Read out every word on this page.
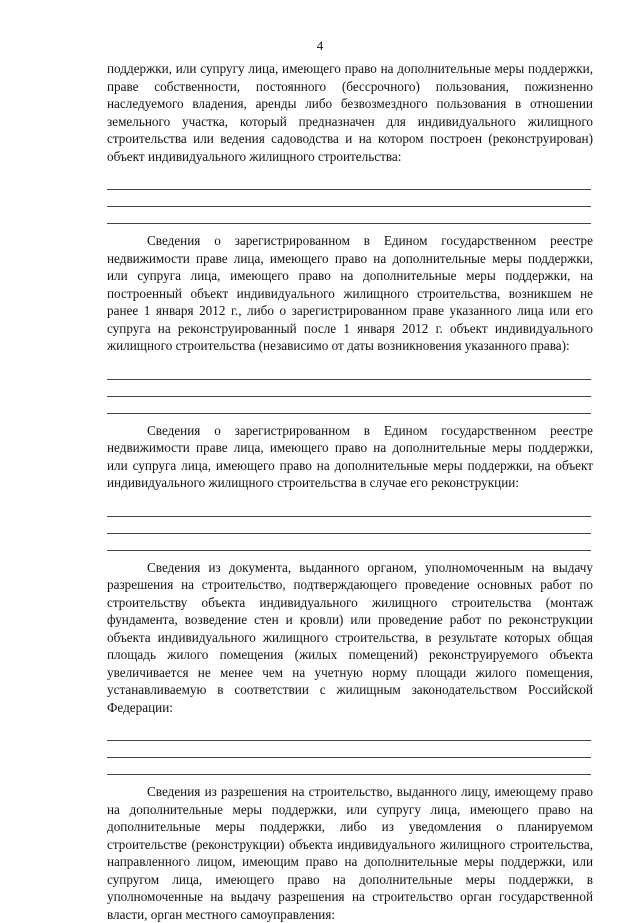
4

поддержки, или супругу лица, имеющего право на дополнительные меры поддержки, праве собственности, постоянного (бессрочного) пользования, пожизненно наследуемого владения, аренды либо безвозмездного пользования в отношении земельного участка, который предназначен для индивидуального жилищного строительства или ведения садоводства и на котором построен (реконструирован) объект индивидуального жилищного строительства:

Сведения о зарегистрированном в Едином государственном реестре недвижимости праве лица, имеющего право на дополнительные меры поддержки, или супруга лица, имеющего право на дополнительные меры поддержки, на построенный объект индивидуального жилищного строительства, возникшем не ранее 1 января 2012 г., либо о зарегистрированном праве указанного лица или его супруга на реконструированный после 1 января 2012 г. объект индивидуального жилищного строительства (независимо от даты возникновения указанного права):

Сведения о зарегистрированном в Едином государственном реестре недвижимости праве лица, имеющего право на дополнительные меры поддержки, или супруга лица, имеющего право на дополнительные меры поддержки, на объект индивидуального жилищного строительства в случае его реконструкции:

Сведения из документа, выданного органом, уполномоченным на выдачу разрешения на строительство, подтверждающего проведение основных работ по строительству объекта индивидуального жилищного строительства (монтаж фундамента, возведение стен и кровли) или проведение работ по реконструкции объекта индивидуального жилищного строительства, в результате которых общая площадь жилого помещения (жилых помещений) реконструируемого объекта увеличивается не менее чем на учетную норму площади жилого помещения, устанавливаемую в соответствии с жилищным законодательством Российской Федерации:

Сведения из разрешения на строительство, выданного лицу, имеющему право на дополнительные меры поддержки, или супругу лица, имеющего право на дополнительные меры поддержки, либо из уведомления о планируемом строительстве (реконструкции) объекта индивидуального жилищного строительства, направленного лицом, имеющим право на дополнительные меры поддержки, или супругом лица, имеющего право на дополнительные меры поддержки, в уполномоченные на выдачу разрешения на строительство орган государственной власти, орган местного самоуправления:
